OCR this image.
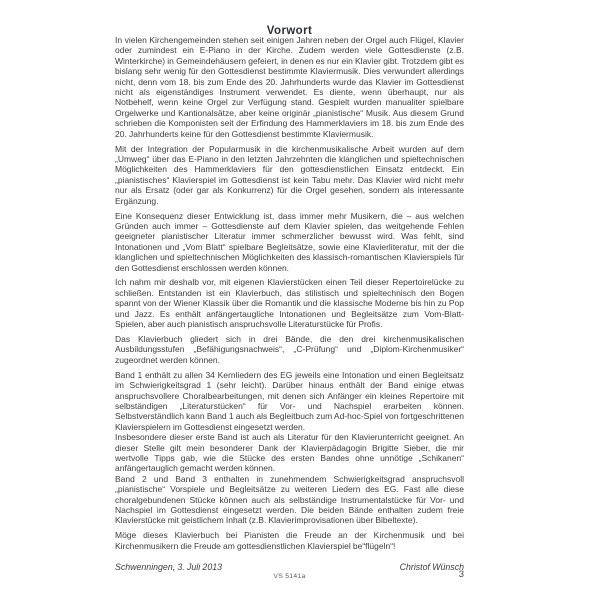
Vorwort

In vielen Kirchengemeinden stehen seit einigen Jahren neben der Orgel auch Flügel, Klavier oder zumindest ein E-Piano in der Kirche. Zudem werden viele Gottesdienste (z.B. Winterkirche) in Gemeindehäusern gefeiert, in denen es nur ein Klavier gibt. Trotzdem gibt es bislang sehr wenig für den Gottesdienst bestimmte Klaviermusik. Dies verwundert allerdings nicht, denn vom 18. bis zum Ende des 20. Jahrhunderts wurde das Klavier im Gottesdienst nicht als eigenständiges Instrument verwendet. Es diente, wenn überhaupt, nur als Notbehelf, wenn keine Orgel zur Verfügung stand. Gespielt wurden manualiter spielbare Orgelwerke und Kantionalsätze, aber keine originär „pianistische“ Musik. Aus diesem Grund schrieben die Komponisten seit der Erfindung des Hammerklaviers im 18. bis zum Ende des 20. Jahrhunderts keine für den Gottesdienst bestimmte Klaviermusik.

Mit der Integration der Popularmusik in die kirchenmusikalische Arbeit wurden auf dem „Umweg“ über das E-Piano in den letzten Jahrzehnten die klanglichen und spieltechnischen Möglichkeiten des Hammerklaviers für den gottesdienstlichen Einsatz entdeckt. Ein „pianistisches“ Klavierspiel im Gottesdienst ist kein Tabu mehr. Das Klavier wird nicht mehr nur als Ersatz (oder gar als Konkurrenz) für die Orgel gesehen, sondern als interessante Ergänzung.

Eine Konsequenz dieser Entwicklung ist, dass immer mehr Musikern, die – aus welchen Gründen auch immer – Gottesdienste auf dem Klavier spielen, das weitgehende Fehlen geeigneter pianistischer Literatur immer schmerzlicher bewusst wird. Was fehlt, sind Intonationen und „Vom Blatt“ spielbare Begleitsätze, sowie eine Klavierliteratur, mit der die klanglichen und spieltechnischen Möglichkeiten des klassisch-romantischen Klavierspiels für den Gottesdienst erschlossen werden können.

Ich nahm mir deshalb vor, mit eigenen Klavierstücken einen Teil dieser Repertoirelücke zu schließen. Entstanden ist ein Klavierbuch, das stilistisch und spieltechnisch den Bogen spannt von der Wiener Klassik über die Romantik und die klassische Moderne bis hin zu Pop und Jazz. Es enthält anfängertaugliche Intonationen und Begleitsätze zum Vom-Blatt-Spielen, aber auch pianistisch anspruchsvolle Literaturstücke für Profis.

Das Klavierbuch gliedert sich in drei Bände, die den drei kirchenmusikalischen Ausbildungsstufen „Befähigungsnachweis“, „C-Prüfung“ und „Diplom-Kirchenmusiker“ zugeordnet werden können.

Band 1 enthält zu allen 34 Kernliedern des EG jeweils eine Intonation und einen Begleitsatz im Schwierigkeitsgrad 1 (sehr leicht). Darüber hinaus enthält der Band einige etwas anspruchsvollere Choralbearbeitungen, mit denen sich Anfänger ein kleines Repertoire mit selbständigen „Literaturstücken“ für Vor- und Nachspiel erarbeiten können. Selbstverständlich kann Band 1 auch als Begleitbuch zum Ad-hoc-Spiel von fortgeschrittenen Klavierspielern im Gottesdienst eingesetzt werden.

Insbesondere dieser erste Band ist auch als Literatur für den Klavierunterricht geeignet. An dieser Stelle gilt mein besonderer Dank der Klavierpädagogin Brigitte Sieber, die mir wertvolle Tipps gab, wie die Stücke des ersten Bandes ohne unnötige „Schikanen“ anfängertauglich gemacht werden können.

Band 2 und Band 3 enthalten in zunehmendem Schwierigkeitsgrad anspruchsvoll „pianistische“ Vorspiele und Begleitsätze zu weiteren Liedern des EG. Fast alle diese choralgebundenen Stücke können auch als selbständige Instrumentalstücke für Vor- und Nachspiel im Gottesdienst eingesetzt werden. Die beiden Bände enthalten zudem freie Klavierstücke mit geistlichem Inhalt (z.B. Klavierimprovisationen über Bibeltexte).

Möge dieses Klavierbuch bei Pianisten die Freude an der Kirchenmusik und bei Kirchenmusikern die Freude am gottesdienstlichen Klavierspiel be“flügeln“!

Schwenningen, 3. Juli 2013	Christof Wünsch
VS 5141a	3
